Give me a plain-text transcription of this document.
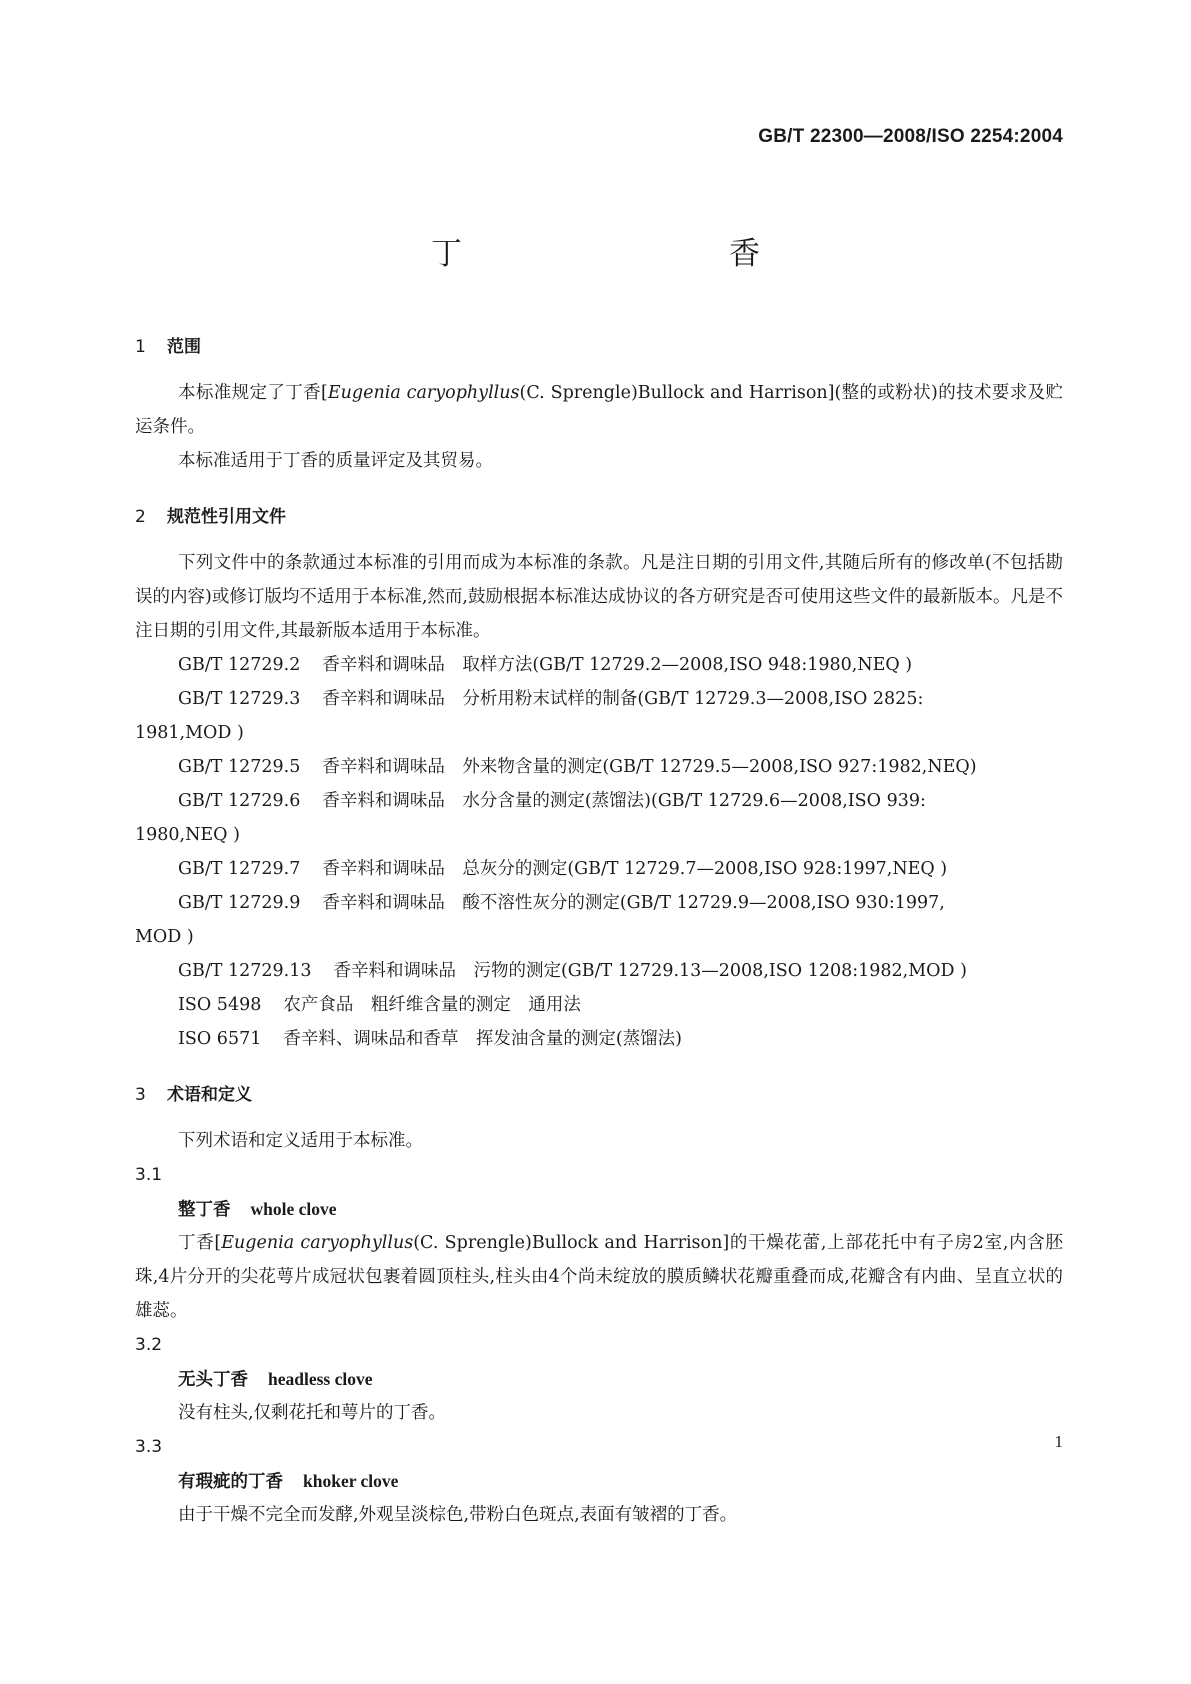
GB/T 22300—2008/ISO 2254:2004
丁　香
1 范围

本标准规定了丁香[Eugenia caryophyllus(C. Sprengle)Bullock and Harrison](整的或粉状)的技术要求及贮运条件。

本标准适用于丁香的质量评定及其贸易。

2 规范性引用文件

下列文件中的条款通过本标准的引用而成为本标准的条款。凡是注日期的引用文件,其随后所有的修改单(不包括勘误的内容)或修订版均不适用于本标准,然而,鼓励根据本标准达成协议的各方研究是否可使用这些文件的最新版本。凡是不注日期的引用文件,其最新版本适用于本标准。

GB/T 12729.2 香辛料和调味品　取样方法(GB/T 12729.2—2008,ISO 948:1980,NEQ )

GB/T 12729.3 香辛料和调味品　分析用粉末试样的制备(GB/T 12729.3—2008,ISO 2825:

1981,MOD )

GB/T 12729.5 香辛料和调味品　外来物含量的测定(GB/T 12729.5—2008,ISO 927:1982,NEQ)

GB/T 12729.6 香辛料和调味品　水分含量的测定(蒸馏法)(GB/T 12729.6—2008,ISO 939:

1980,NEQ )

GB/T 12729.7 香辛料和调味品　总灰分的测定(GB/T 12729.7—2008,ISO 928:1997,NEQ )

GB/T 12729.9 香辛料和调味品　酸不溶性灰分的测定(GB/T 12729.9—2008,ISO 930:1997,

MOD )

GB/T 12729.13 香辛料和调味品　污物的测定(GB/T 12729.13—2008,ISO 1208:1982,MOD )

ISO 5498 农产食品　粗纤维含量的测定　通用法

ISO 6571 香辛料、调味品和香草　挥发油含量的测定(蒸馏法)

3 术语和定义

下列术语和定义适用于本标准。

3.1
整丁香 whole clove

丁香[Eugenia caryophyllus(C. Sprengle)Bullock and Harrison]的干燥花蕾,上部花托中有子房2室,内含胚珠,4片分开的尖花萼片成冠状包裹着圆顶柱头,柱头由4个尚未绽放的膜质鳞状花瓣重叠而成,花瓣含有内曲、呈直立状的雄蕊。

3.2
无头丁香 headless clove

没有柱头,仅剩花托和萼片的丁香。

3.3
有瑕疵的丁香 khoker clove

由于干燥不完全而发酵,外观呈淡棕色,带粉白色斑点,表面有皱褶的丁香。

1
